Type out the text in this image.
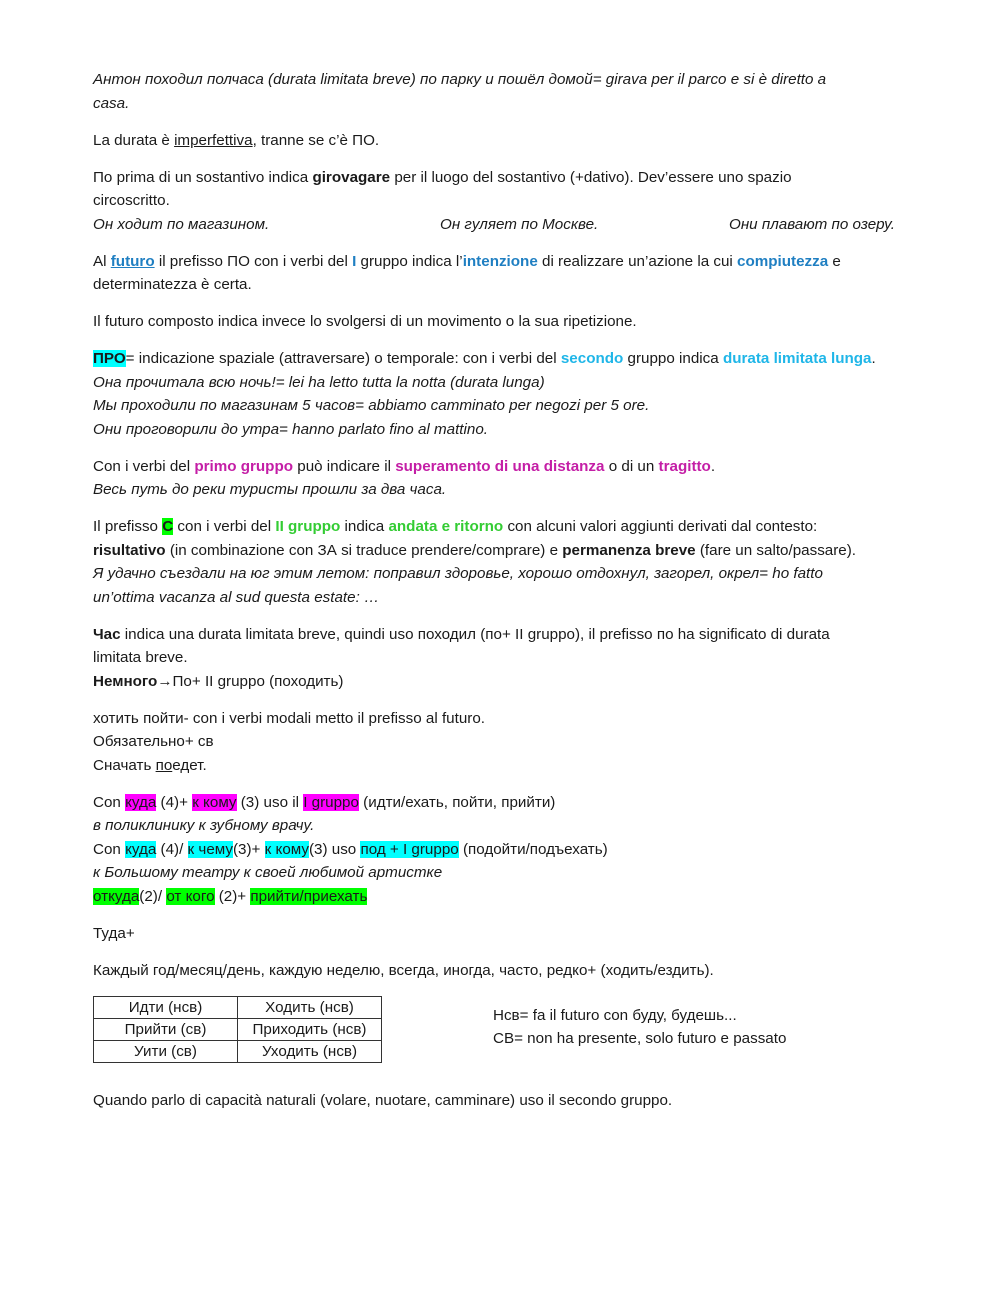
Антон походил полчаса (durata limitata breve) по парку и пошёл домой= girava per il parco e si è diretto a
casa.
La durata è imperfettiva, tranne se c’è ПО.
По prima di un sostantivo indica girovagare per il luogo del sostantivo (+dativo). Dev’essere uno spazio
circoscritto.
Он ходит по магазином.	Он гуляет по Москве.	Они плавают по озеру.
Al futuro il prefisso ПО con i verbi del I gruppo indica l’intenzione di realizzare un’azione la cui compiutezza e
determinatezza è certa.
Il futuro composto indica invece lo svolgersi di un movimento o la sua ripetizione.
ПРО= indicazione spaziale (attraversare) o temporale: con i verbi del secondo gruppo indica durata limitata lunga.
Она прочитала всю ночь!= lei ha letto tutta la notta (durata lunga)
Мы проходили по магазинам 5 часов= abbiamo camminato per negozi per 5 ore.
Они проговорили до утра= hanno parlato fino al mattino.
Con i verbi del primo gruppo può indicare il superamento di una distanza o di un tragitto.
Весь путь до реки туристы прошли за два часа.
Il prefisso С con i verbi del II gruppo indica andata e ritorno con alcuni valori aggiunti derivati dal contesto:
risultativo (in combinazione con ЗА si traduce prendere/comprare) e permanenza breve (fare un salto/passare).
Я удачно съездали на юг этим летом: поправил здоровье, хорошо отдохнул, загорел, окрел= ho fatto
un’ottima vacanza al sud questa estate: …
Час indica una durata limitata breve, quindi uso походил (по+ II gruppo), il prefisso по ha significato di durata
limitata breve.
Немного→По+ II gruppo (походить)
хотить пойти- con i verbi modali metto il prefisso al futuro.
Обязательно+ св
Сначать поедет.
Con куда (4)+ к кому (3) uso il I gruppo (идти/ехать, пойти, прийти)
в поликлинику к зубному врачу.
Con куда (4)/ к чему(3)+ к кому(3) uso под + I gruppo (подойти/подъехать)
к Большому театру к своей любимой артистке
откуда(2)/ от кого (2)+ прийти/приехать
Туда+
Каждый год/месяц/день, каждую неделю, всегда, иногда, часто, редко+ (ходить/ездить).
Идти (нсв)	Ходить (нсв)
Прийти (св)	Приходить (нсв)
Уити (св)	Уходить (нсв)
Нсв= fa il futuro con буду, будешь...
СВ= non ha presente, solo futuro e passato
Quando parlo di capacità naturali (volare, nuotare, camminare) uso il secondo gruppo.
